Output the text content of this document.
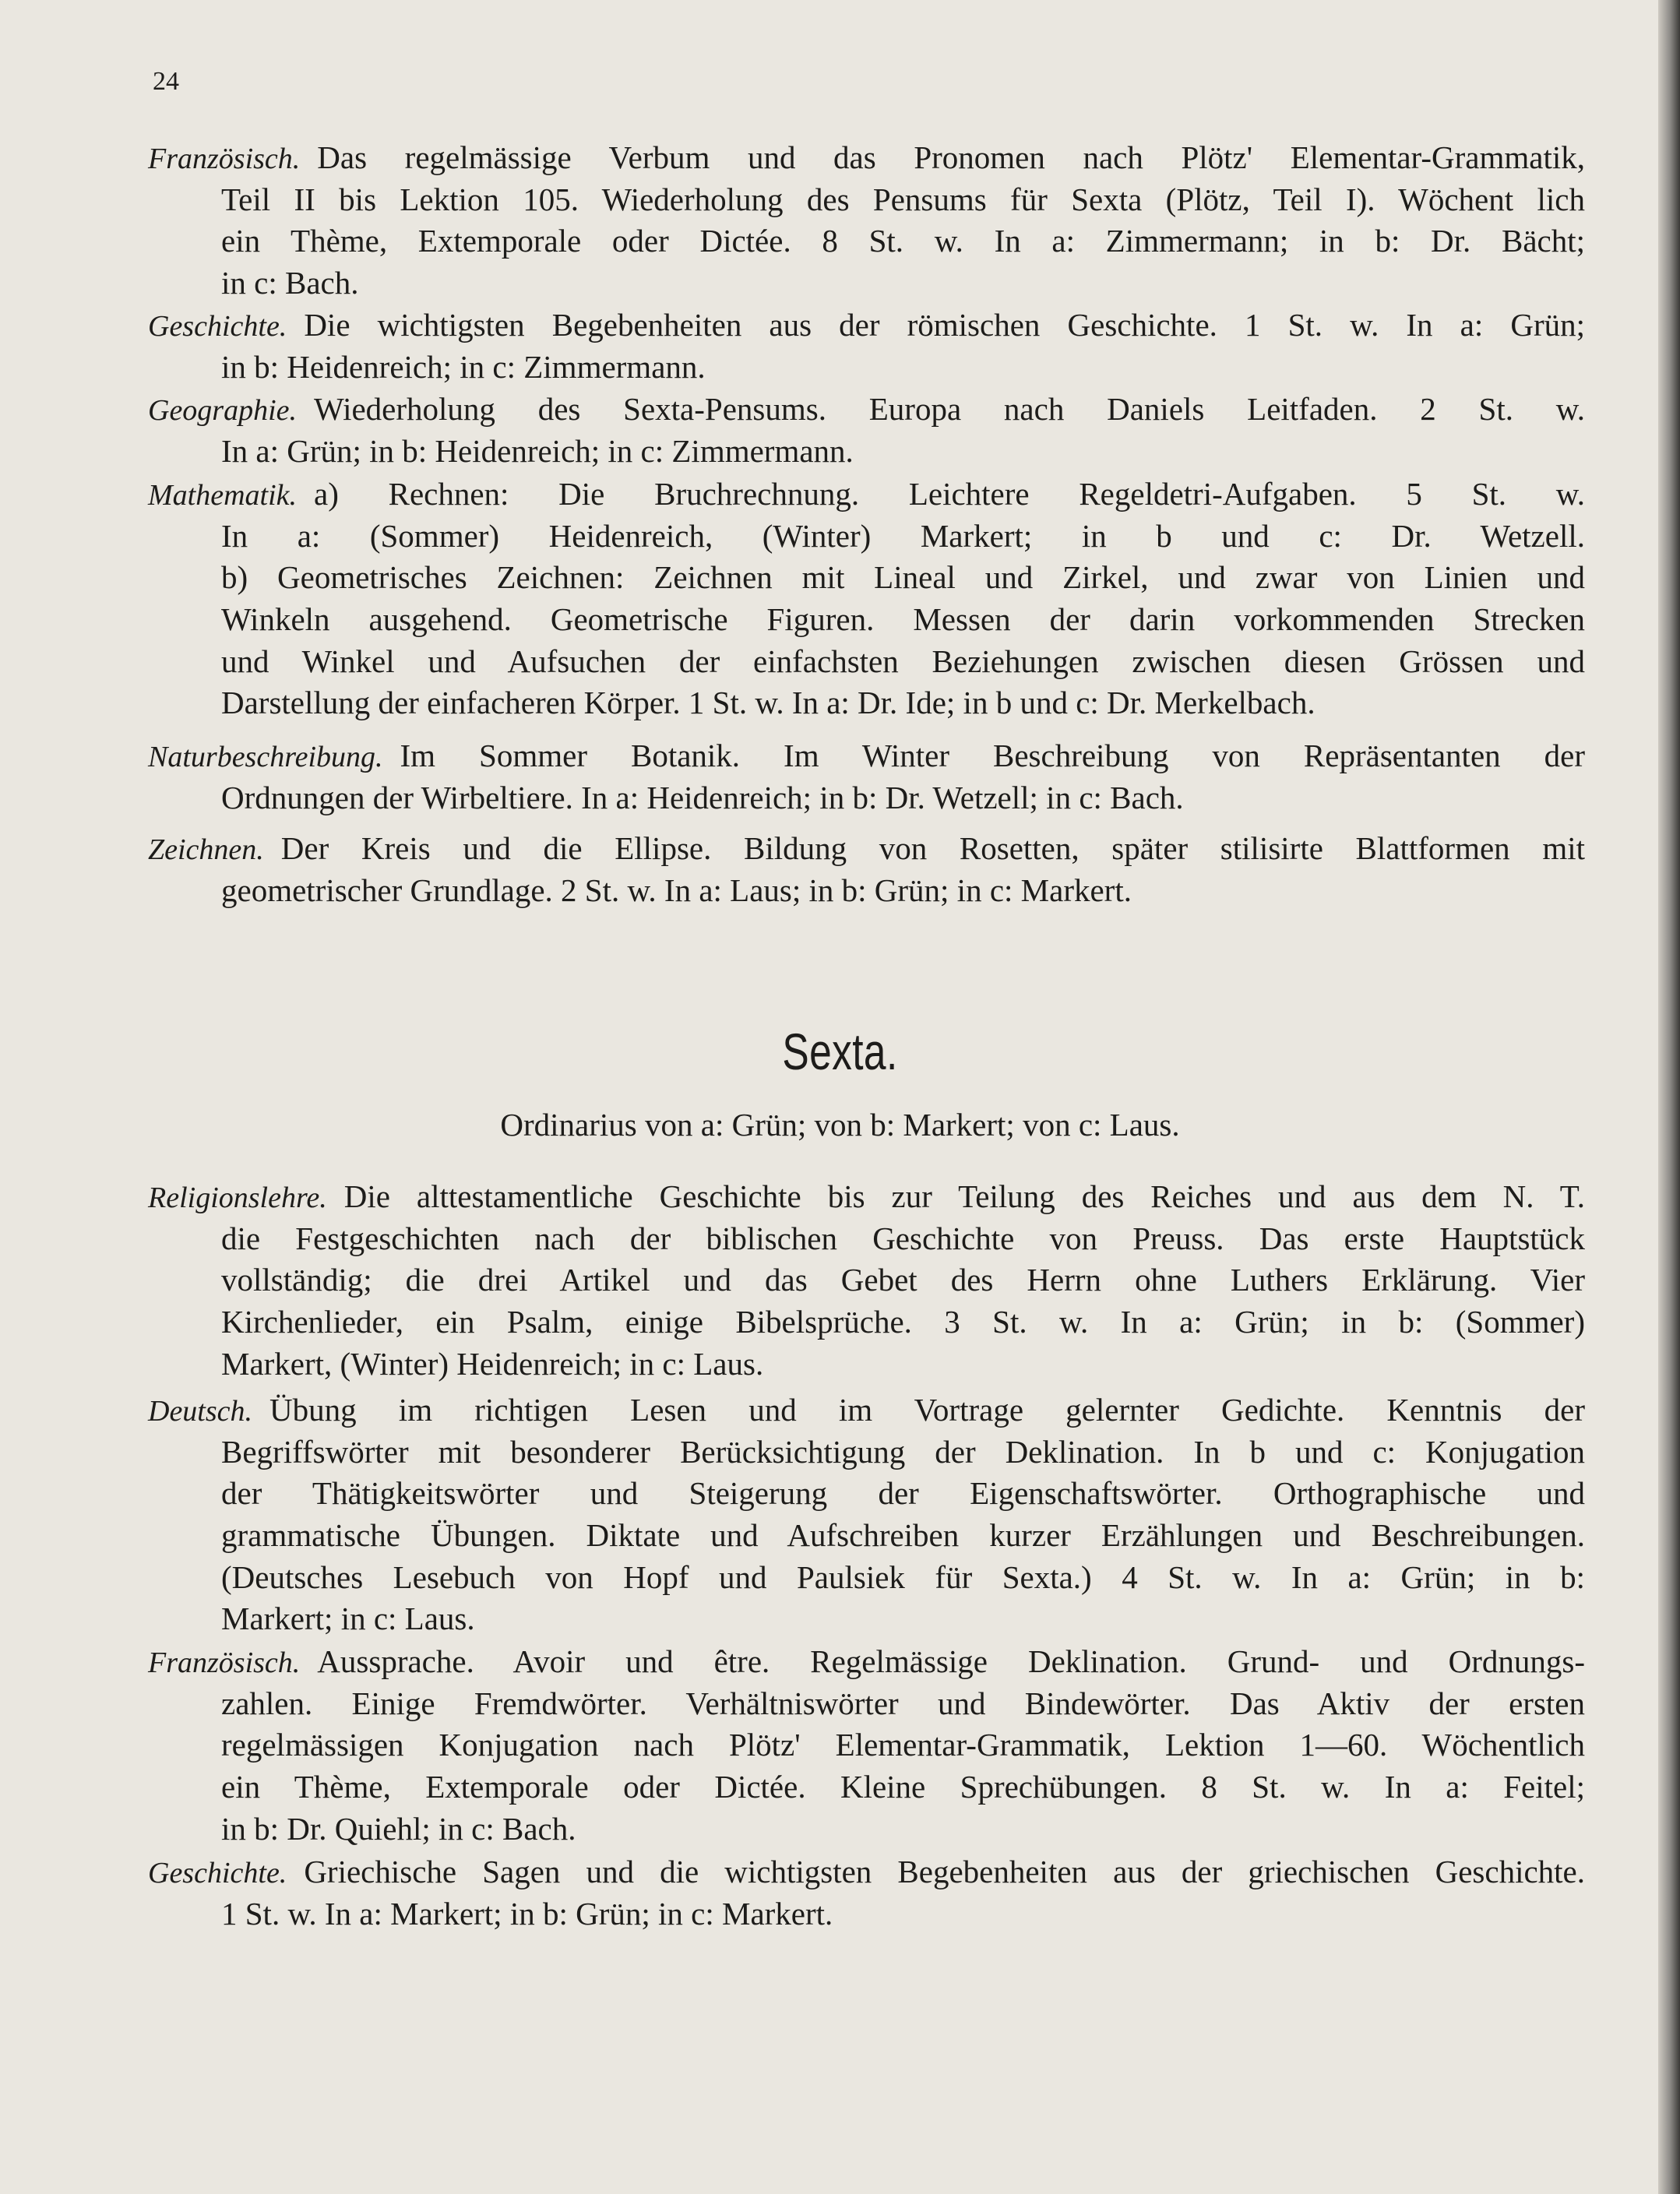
24
Französisch. Das regelmässige Verbum und das Pronomen nach Plötz' Elementar-Grammatik,
Teil II bis Lektion 105. Wiederholung des Pensums für Sexta (Plötz, Teil I). Wöchent lich
ein Thème, Extemporale oder Dictée. 8 St. w. In a: Zimmermann; in b: Dr. Bächt;
in c: Bach.
Geschichte. Die wichtigsten Begebenheiten aus der römischen Geschichte. 1 St. w. In a: Grün;
in b: Heidenreich; in c: Zimmermann.
Geographie. Wiederholung des Sexta-Pensums. Europa nach Daniels Leitfaden. 2 St. w.
In a: Grün; in b: Heidenreich; in c: Zimmermann.
Mathematik. a) Rechnen: Die Bruchrechnung. Leichtere Regeldetri-Aufgaben. 5 St. w.
In a: (Sommer) Heidenreich, (Winter) Markert; in b und c: Dr. Wetzell.
b) Geometrisches Zeichnen: Zeichnen mit Lineal und Zirkel, und zwar von Linien und
Winkeln ausgehend. Geometrische Figuren. Messen der darin vorkommenden Strecken
und Winkel und Aufsuchen der einfachsten Beziehungen zwischen diesen Grössen und
Darstellung der einfacheren Körper. 1 St. w. In a: Dr. Ide; in b und c: Dr. Merkelbach.
Naturbeschreibung. Im Sommer Botanik. Im Winter Beschreibung von Repräsentanten der
Ordnungen der Wirbeltiere. In a: Heidenreich; in b: Dr. Wetzell; in c: Bach.
Zeichnen. Der Kreis und die Ellipse. Bildung von Rosetten, später stilisirte Blattformen mit
geometrischer Grundlage. 2 St. w. In a: Laus; in b: Grün; in c: Markert.
Sexta.
Ordinarius von a: Grün; von b: Markert; von c: Laus.
Religionslehre. Die alttestamentliche Geschichte bis zur Teilung des Reiches und aus dem N. T.
die Festgeschichten nach der biblischen Geschichte von Preuss. Das erste Hauptstück
vollständig; die drei Artikel und das Gebet des Herrn ohne Luthers Erklärung. Vier
Kirchenlieder, ein Psalm, einige Bibelsprüche. 3 St. w. In a: Grün; in b: (Sommer)
Markert, (Winter) Heidenreich; in c: Laus.
Deutsch. Übung im richtigen Lesen und im Vortrage gelernter Gedichte. Kenntnis der
Begriffswörter mit besonderer Berücksichtigung der Deklination. In b und c: Konjugation
der Thätigkeitswörter und Steigerung der Eigenschaftswörter. Orthographische und
grammatische Übungen. Diktate und Aufschreiben kurzer Erzählungen und Beschreibungen.
(Deutsches Lesebuch von Hopf und Paulsiek für Sexta.) 4 St. w. In a: Grün; in b:
Markert; in c: Laus.
Französisch. Aussprache. Avoir und être. Regelmässige Deklination. Grund- und Ordnungs-
zahlen. Einige Fremdwörter. Verhältniswörter und Bindewörter. Das Aktiv der ersten
regelmässigen Konjugation nach Plötz' Elementar-Grammatik, Lektion 1—60. Wöchentlich
ein Thème, Extemporale oder Dictée. Kleine Sprechübungen. 8 St. w. In a: Feitel;
in b: Dr. Quiehl; in c: Bach.
Geschichte. Griechische Sagen und die wichtigsten Begebenheiten aus der griechischen Geschichte.
1 St. w. In a: Markert; in b: Grün; in c: Markert.
